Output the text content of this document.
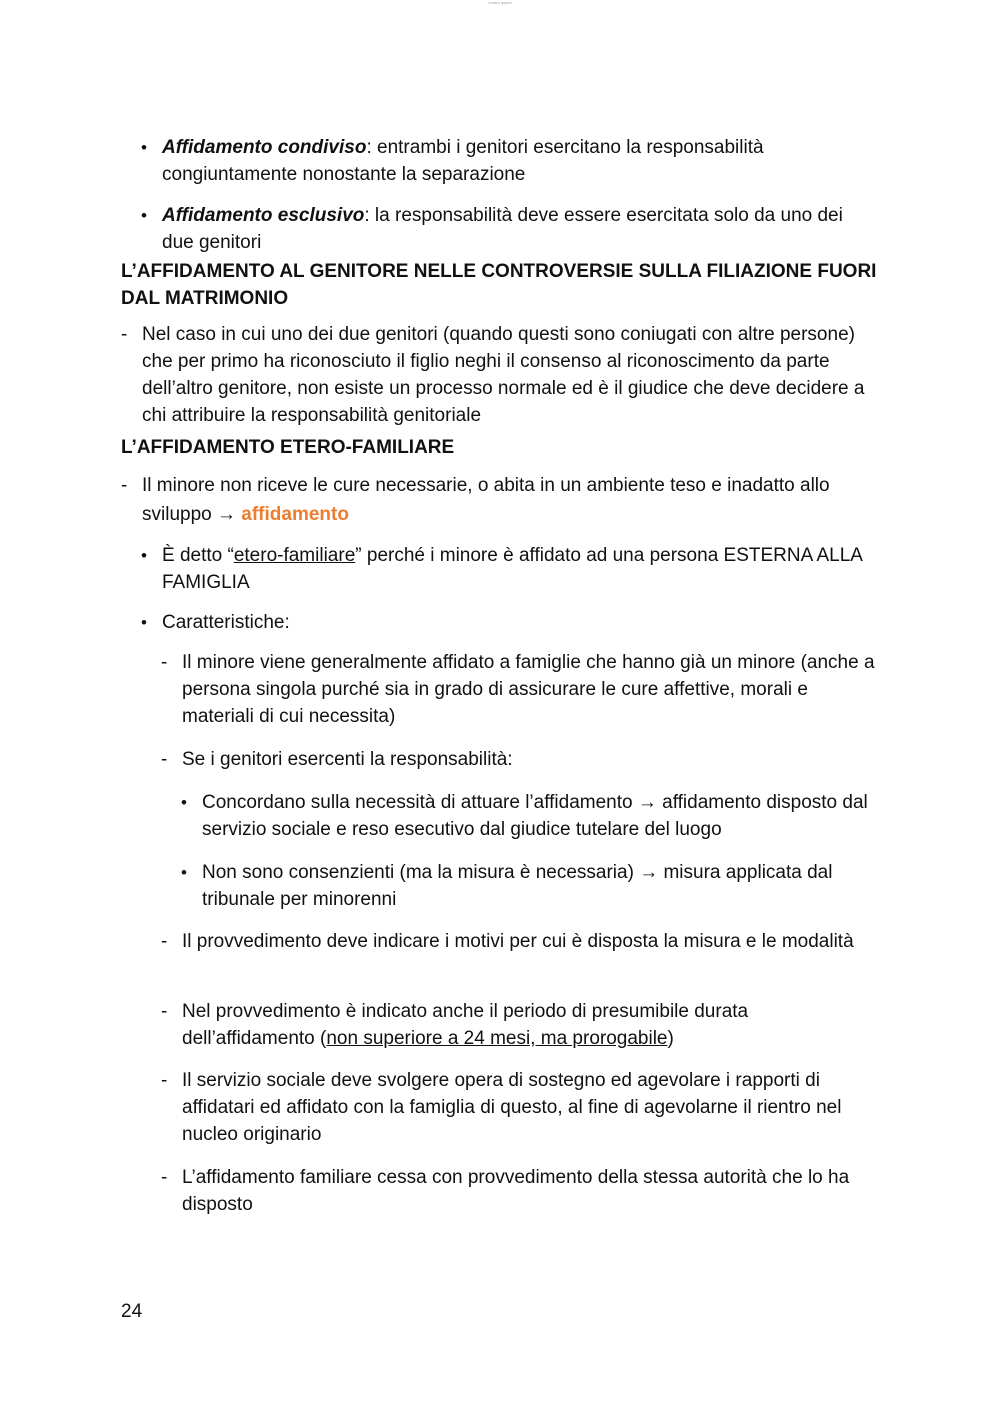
Lorem Ipsum
• Affidamento condiviso: entrambi i genitori esercitano la responsabilità congiuntamente nonostante la separazione
• Affidamento esclusivo: la responsabilità deve essere esercitata solo da uno dei due genitori
L’AFFIDAMENTO AL GENITORE NELLE CONTROVERSIE SULLA FILIAZIONE FUORI DAL MATRIMONIO
- Nel caso in cui uno dei due genitori (quando questi sono coniugati con altre persone) che per primo ha riconosciuto il figlio neghi il consenso al riconoscimento da parte dell’altro genitore, non esiste un processo normale ed è il giudice che deve decidere a chi attribuire la responsabilità genitoriale
L’AFFIDAMENTO ETERO-FAMILIARE
- Il minore non riceve le cure necessarie, o abita in un ambiente teso e inadatto allo sviluppo → affidamento
• È detto “etero-familiare” perché i minore è affidato ad una persona ESTERNA ALLA FAMIGLIA
• Caratteristiche:
- Il minore viene generalmente affidato a famiglie che hanno già un minore (anche a persona singola purché sia in grado di assicurare le cure affettive, morali e materiali di cui necessita)
- Se i genitori esercenti la responsabilità:
• Concordano sulla necessità di attuare l’affidamento → affidamento disposto dal servizio sociale e reso esecutivo dal giudice tutelare del luogo
• Non sono consenzienti (ma la misura è necessaria) → misura applicata dal tribunale per minorenni
- Il provvedimento deve indicare i motivi per cui è disposta la misura e le modalità
- Nel provvedimento è indicato anche il periodo di presumibile durata dell’affidamento (non superiore a 24 mesi, ma prorogabile)
- Il servizio sociale deve svolgere opera di sostegno ed agevolare i rapporti di affidatari ed affidato con la famiglia di questo, al fine di agevolarne il rientro nel nucleo originario
- L’affidamento familiare cessa con provvedimento della stessa autorità che lo ha disposto
24
